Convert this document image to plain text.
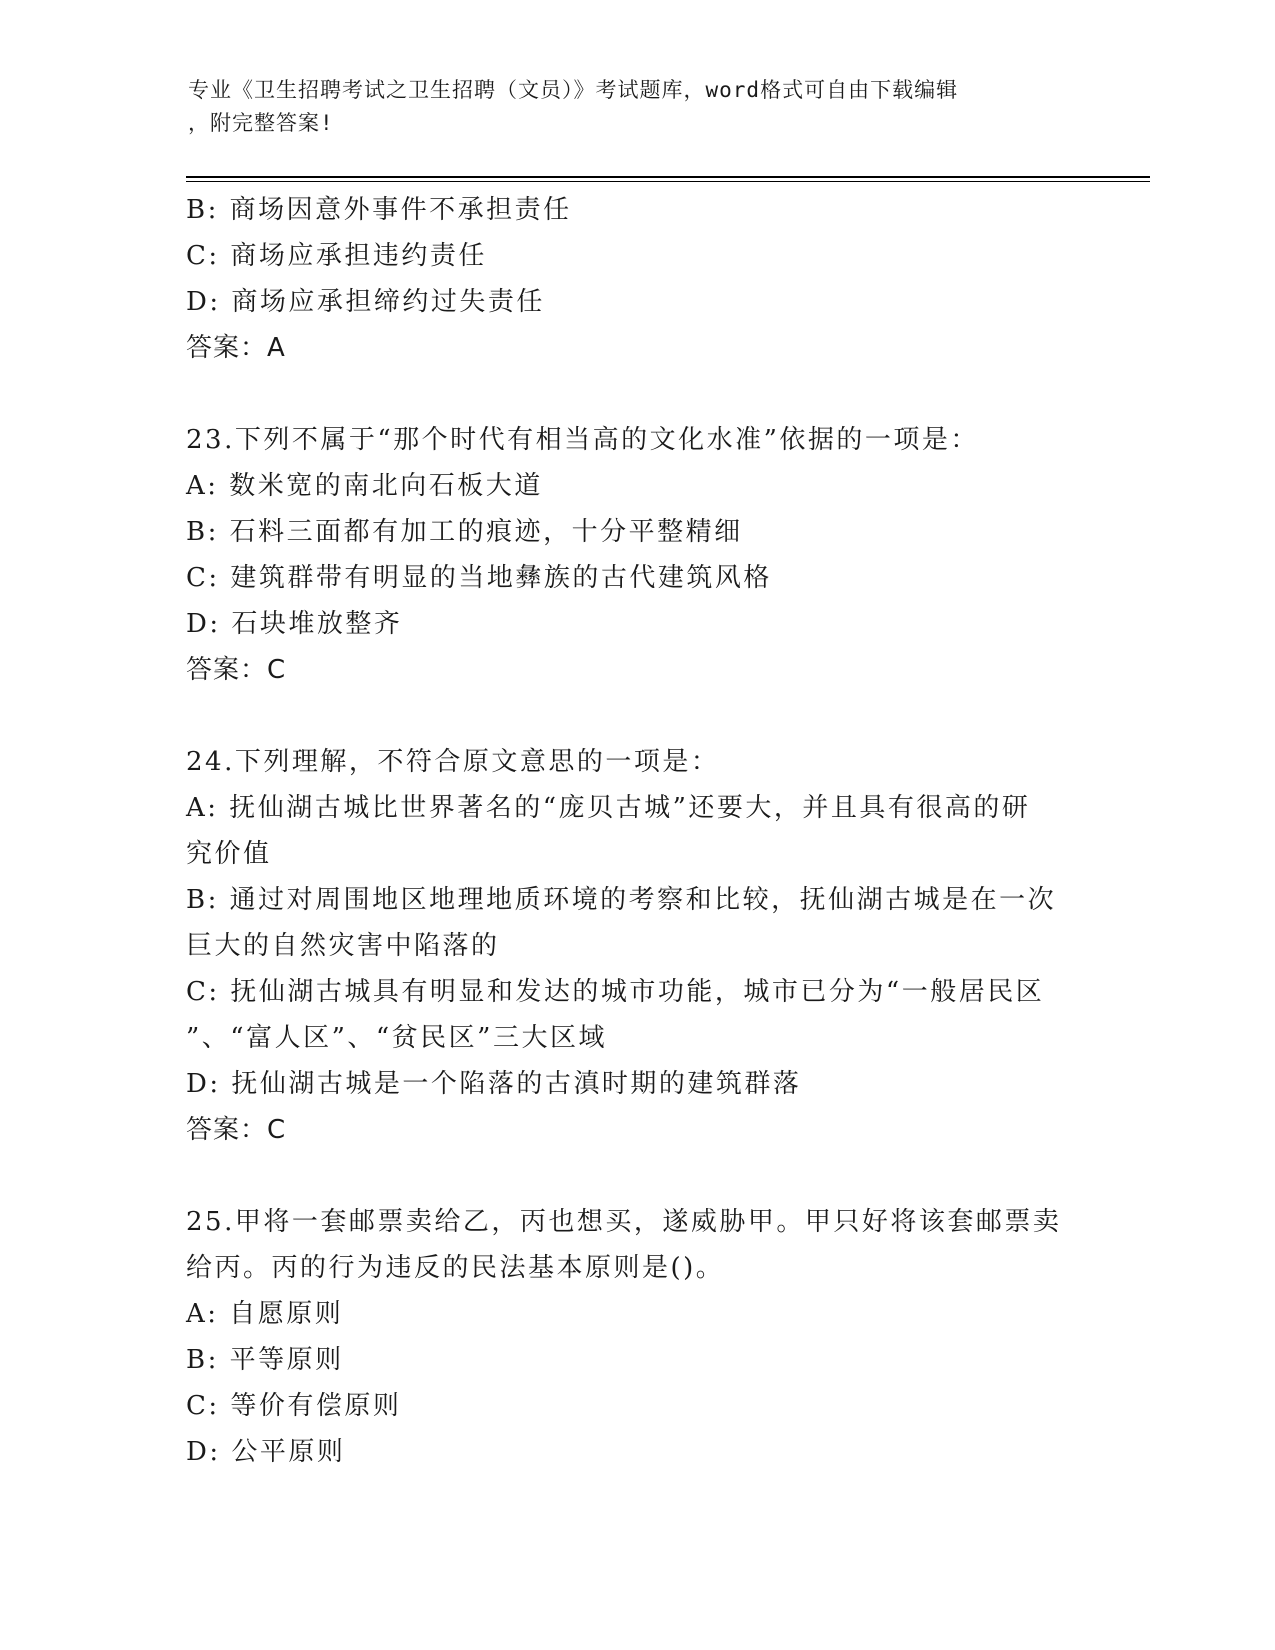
专业《卫生招聘考试之卫生招聘（文员）》考试题库，word格式可自由下载编辑
，附完整答案!
B: 商场因意外事件不承担责任
C: 商场应承担违约责任
D: 商场应承担缔约过失责任
答案：A
23.下列不属于“那个时代有相当高的文化水准”依据的一项是：
A: 数米宽的南北向石板大道
B: 石料三面都有加工的痕迹，十分平整精细
C: 建筑群带有明显的当地彝族的古代建筑风格
D: 石块堆放整齐
答案：C
24.下列理解，不符合原文意思的一项是：
A: 抚仙湖古城比世界著名的“庞贝古城”还要大，并且具有很高的研
究价值
B: 通过对周围地区地理地质环境的考察和比较，抚仙湖古城是在一次
巨大的自然灾害中陷落的
C: 抚仙湖古城具有明显和发达的城市功能，城市已分为“一般居民区
”、“富人区”、“贫民区”三大区域
D: 抚仙湖古城是一个陷落的古滇时期的建筑群落
答案：C
25.甲将一套邮票卖给乙，丙也想买，遂威胁甲。甲只好将该套邮票卖
给丙。丙的行为违反的民法基本原则是()。
A: 自愿原则
B: 平等原则
C: 等价有偿原则
D: 公平原则
